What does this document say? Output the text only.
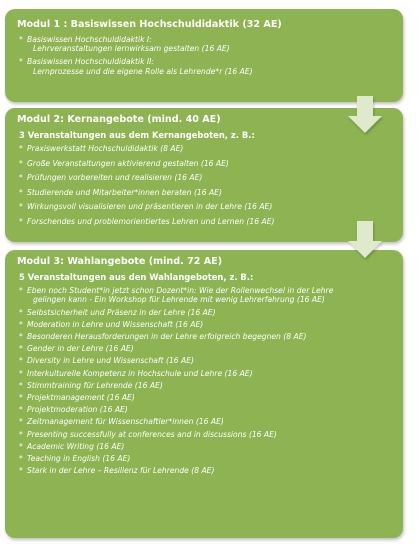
Modul 1 : Basiswissen Hochschuldidaktik (32 AE)
* Basiswissen Hochschuldidaktik I:
Lehrveranstaltungen lernwirksam gestalten (16 AE)
* Basiswissen Hochschuldidaktik II:
Lernprozesse und die eigene Rolle als Lehrende*r (16 AE)
Modul 2: Kernangebote (mind. 40 AE)
3 Veranstaltungen aus dem Kernangeboten, z. B.:
* Praxiswerkstatt Hochschuldidaktik (8 AE)
* Große Veranstaltungen aktivierend gestalten (16 AE)
* Prüfungen vorbereiten und realisieren (16 AE)
* Studierende und Mitarbeiter*innen beraten (16 AE)
* Wirkungsvoll visualisieren und präsentieren in der Lehre (16 AE)
* Forschendes und problemorientiertes Lehren und Lernen (16 AE)
Modul 3: Wahlangebote (mind. 72 AE)
5 Veranstaltungen aus den Wahlangeboten, z. B.:
* Eben noch Student*in jetzt schon Dozent*in: Wie der Rollenwechsel in der Lehre
gelingen kann - Ein Workshop für Lehrende mit wenig Lehrerfahrung (16 AE)
* Selbstsicherheit und Präsenz in der Lehre (16 AE)
* Moderation in Lehre und Wissenschaft (16 AE)
* Besonderen Herausforderungen in der Lehre erfolgreich begegnen (8 AE)
* Gender in der Lehre (16 AE)
* Diversity in Lehre und Wissenschaft (16 AE)
* Interkulturelle Kompetenz in Hochschule und Lehre (16 AE)
* Stimmtraining für Lehrende (16 AE)
* Projektmanagement (16 AE)
* Projektmoderation (16 AE)
* Zeitmanagement für Wissenschaftler*innen (16 AE)
* Presenting successfully at conferences and in discussions (16 AE)
* Academic Writing (16 AE)
* Teaching in English (16 AE)
* Stark in der Lehre – Resilienz für Lehrende (8 AE)
